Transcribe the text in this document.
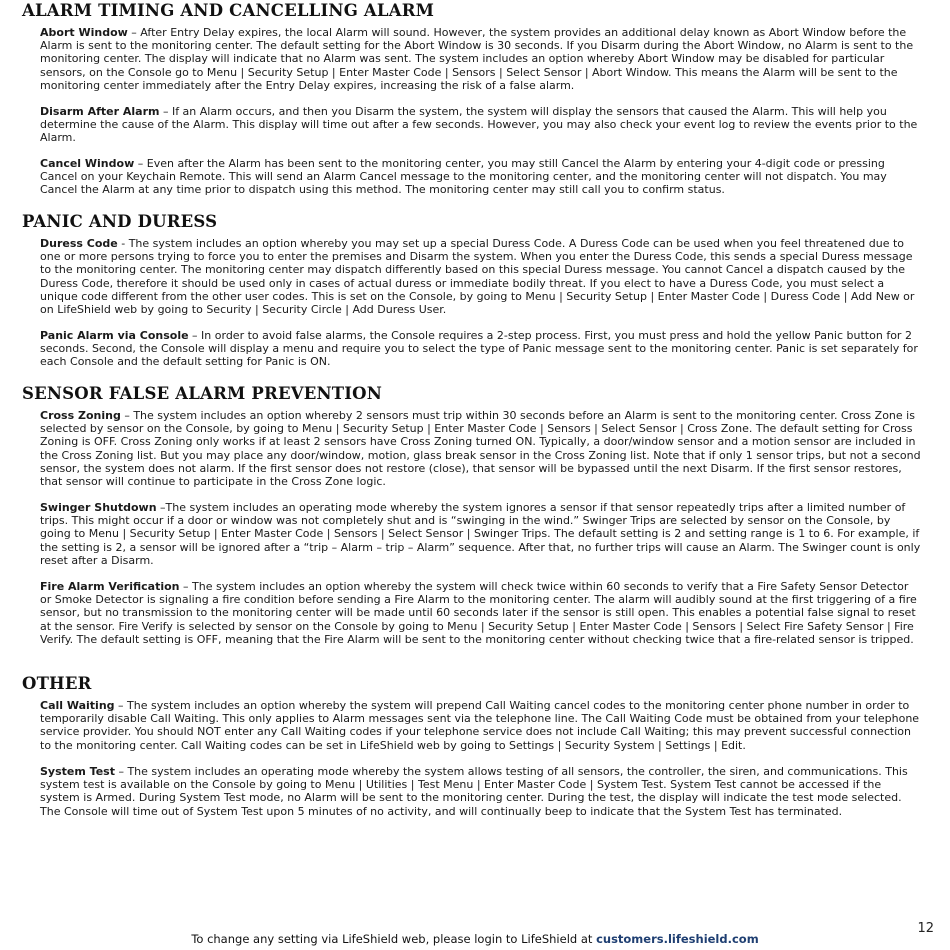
ALARM TIMING AND CANCELLING ALARM

Abort Window – After Entry Delay expires, the local Alarm will sound. However, the system provides an additional delay known as Abort Window before the Alarm is sent to the monitoring center. The default setting for the Abort Window is 30 seconds. If you Disarm during the Abort Window, no Alarm is sent to the monitoring center. The display will indicate that no Alarm was sent. The system includes an option whereby Abort Window may be disabled for particular sensors, on the Console go to Menu | Security Setup | Enter Master Code | Sensors | Select Sensor | Abort Window. This means the Alarm will be sent to the monitoring center immediately after the Entry Delay expires, increasing the risk of a false alarm.

Disarm After Alarm – If an Alarm occurs, and then you Disarm the system, the system will display the sensors that caused the Alarm. This will help you determine the cause of the Alarm. This display will time out after a few seconds. However, you may also check your event log to review the events prior to the Alarm.

Cancel Window – Even after the Alarm has been sent to the monitoring center, you may still Cancel the Alarm by entering your 4-digit code or pressing Cancel on your Keychain Remote. This will send an Alarm Cancel message to the monitoring center, and the monitoring center will not dispatch. You may Cancel the Alarm at any time prior to dispatch using this method. The monitoring center may still call you to confirm status.

PANIC AND DURESS

Duress Code - The system includes an option whereby you may set up a special Duress Code. A Duress Code can be used when you feel threatened due to one or more persons trying to force you to enter the premises and Disarm the system. When you enter the Duress Code, this sends a special Duress message to the monitoring center. The monitoring center may dispatch differently based on this special Duress message. You cannot Cancel a dispatch caused by the Duress Code, therefore it should be used only in cases of actual duress or immediate bodily threat. If you elect to have a Duress Code, you must select a unique code different from the other user codes. This is set on the Console, by going to Menu | Security Setup | Enter Master Code | Duress Code | Add New or on LifeShield web by going to Security | Security Circle | Add Duress User.

Panic Alarm via Console – In order to avoid false alarms, the Console requires a 2-step process. First, you must press and hold the yellow Panic button for 2 seconds. Second, the Console will display a menu and require you to select the type of Panic message sent to the monitoring center. Panic is set separately for each Console and the default setting for Panic is ON.

SENSOR FALSE ALARM PREVENTION

Cross Zoning – The system includes an option whereby 2 sensors must trip within 30 seconds before an Alarm is sent to the monitoring center. Cross Zone is selected by sensor on the Console, by going to Menu | Security Setup | Enter Master Code | Sensors | Select Sensor | Cross Zone. The default setting for Cross Zoning is OFF. Cross Zoning only works if at least 2 sensors have Cross Zoning turned ON. Typically, a door/window sensor and a motion sensor are included in the Cross Zoning list. But you may place any door/window, motion, glass break sensor in the Cross Zoning list. Note that if only 1 sensor trips, but not a second sensor, the system does not alarm. If the first sensor does not restore (close), that sensor will be bypassed until the next Disarm. If the first sensor restores, that sensor will continue to participate in the Cross Zone logic.

Swinger Shutdown –The system includes an operating mode whereby the system ignores a sensor if that sensor repeatedly trips after a limited number of trips. This might occur if a door or window was not completely shut and is “swinging in the wind.” Swinger Trips are selected by sensor on the Console, by going to Menu | Security Setup | Enter Master Code | Sensors | Select Sensor | Swinger Trips. The default setting is 2 and setting range is 1 to 6. For example, if the setting is 2, a sensor will be ignored after a “trip – Alarm – trip – Alarm” sequence. After that, no further trips will cause an Alarm. The Swinger count is only reset after a Disarm.

Fire Alarm Verification – The system includes an option whereby the system will check twice within 60 seconds to verify that a Fire Safety Sensor Detector or Smoke Detector is signaling a fire condition before sending a Fire Alarm to the monitoring center. The alarm will audibly sound at the first triggering of a fire sensor, but no transmission to the monitoring center will be made until 60 seconds later if the sensor is still open. This enables a potential false signal to reset at the sensor. Fire Verify is selected by sensor on the Console by going to Menu | Security Setup | Enter Master Code | Sensors | Select Fire Safety Sensor | Fire Verify. The default setting is OFF, meaning that the Fire Alarm will be sent to the monitoring center without checking twice that a fire-related sensor is tripped.

OTHER

Call Waiting – The system includes an option whereby the system will prepend Call Waiting cancel codes to the monitoring center phone number in order to temporarily disable Call Waiting. This only applies to Alarm messages sent via the telephone line. The Call Waiting Code must be obtained from your telephone service provider. You should NOT enter any Call Waiting codes if your telephone service does not include Call Waiting; this may prevent successful connection to the monitoring center. Call Waiting codes can be set in LifeShield web by going to Settings | Security System | Settings | Edit.

System Test – The system includes an operating mode whereby the system allows testing of all sensors, the controller, the siren, and communications. This system test is available on the Console by going to Menu | Utilities | Test Menu | Enter Master Code | System Test. System Test cannot be accessed if the system is Armed. During System Test mode, no Alarm will be sent to the monitoring center. During the test, the display will indicate the test mode selected. The Console will time out of System Test upon 5 minutes of no activity, and will continually beep to indicate that the System Test has terminated.

12
To change any setting via LifeShield web, please login to LifeShield at customers.lifeshield.com
